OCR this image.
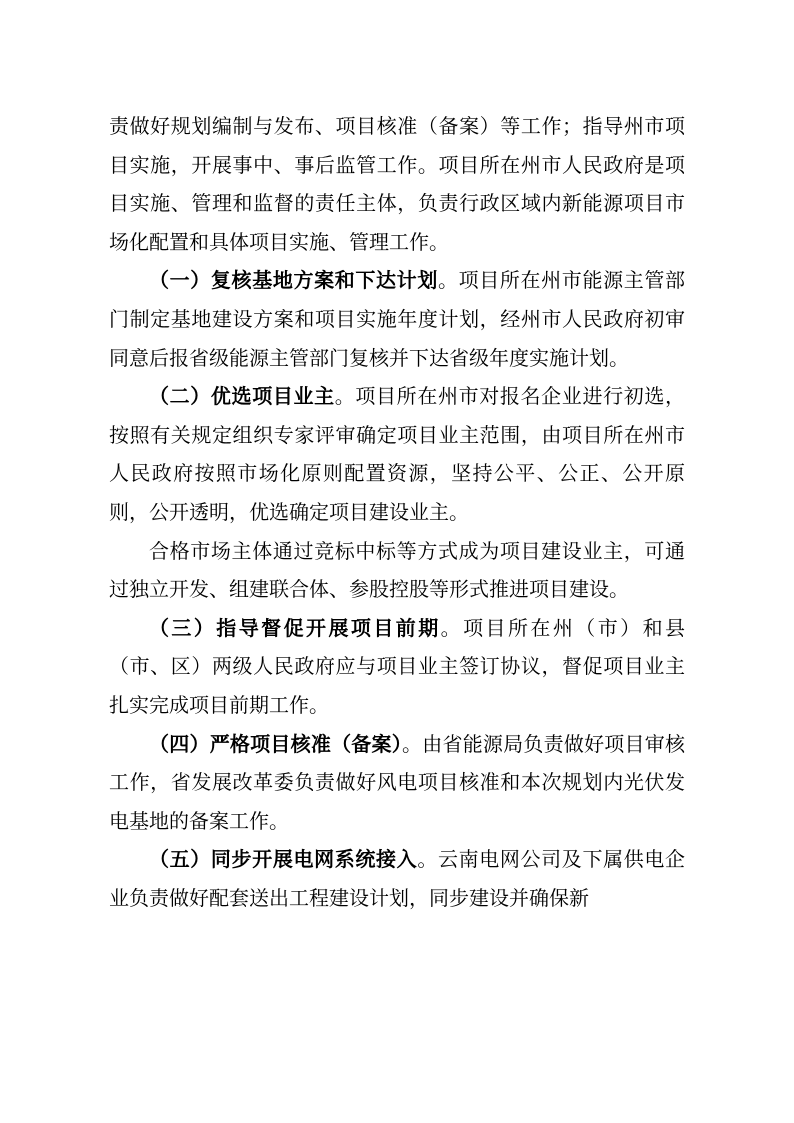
责做好规划编制与发布、项目核准（备案）等工作；指导州市项目实施，开展事中、事后监管工作。项目所在州市人民政府是项目实施、管理和监督的责任主体，负责行政区域内新能源项目市场化配置和具体项目实施、管理工作。

（一）复核基地方案和下达计划。项目所在州市能源主管部门制定基地建设方案和项目实施年度计划，经州市人民政府初审同意后报省级能源主管部门复核并下达省级年度实施计划。

（二）优选项目业主。项目所在州市对报名企业进行初选，按照有关规定组织专家评审确定项目业主范围，由项目所在州市人民政府按照市场化原则配置资源，坚持公平、公正、公开原则，公开透明，优选确定项目建设业主。

合格市场主体通过竞标中标等方式成为项目建设业主，可通过独立开发、组建联合体、参股控股等形式推进项目建设。

（三）指导督促开展项目前期。项目所在州（市）和县（市、区）两级人民政府应与项目业主签订协议，督促项目业主扎实完成项目前期工作。

（四）严格项目核准（备案）。由省能源局负责做好项目审核工作，省发展改革委负责做好风电项目核准和本次规划内光伏发电基地的备案工作。

（五）同步开展电网系统接入。云南电网公司及下属供电企业负责做好配套送出工程建设计划，同步建设并确保新
